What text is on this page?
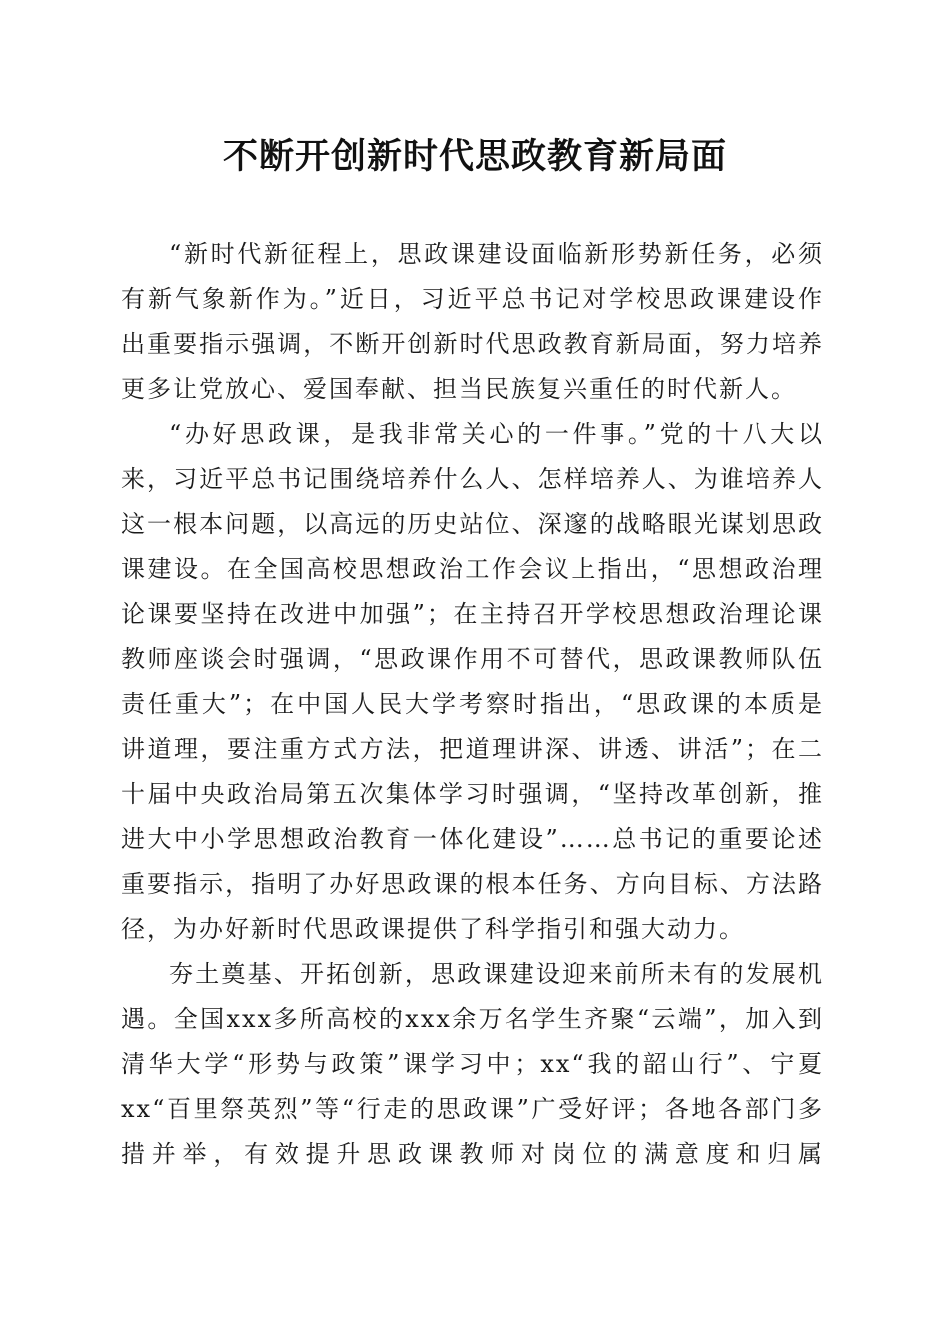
不断开创新时代思政教育新局面

“新时代新征程上，思政课建设面临新形势新任务，必须有新气象新作为。”近日，习近平总书记对学校思政课建设作出重要指示强调，不断开创新时代思政教育新局面，努力培养更多让党放心、爱国奉献、担当民族复兴重任的时代新人。

“办好思政课，是我非常关心的一件事。”党的十八大以来，习近平总书记围绕培养什么人、怎样培养人、为谁培养人这一根本问题，以高远的历史站位、深邃的战略眼光谋划思政课建设。在全国高校思想政治工作会议上指出，“思想政治理论课要坚持在改进中加强”；在主持召开学校思想政治理论课教师座谈会时强调，“思政课作用不可替代，思政课教师队伍责任重大”；在中国人民大学考察时指出，“思政课的本质是讲道理，要注重方式方法，把道理讲深、讲透、讲活”；在二十届中央政治局第五次集体学习时强调，“坚持改革创新，推进大中小学思想政治教育一体化建设”……总书记的重要论述重要指示，指明了办好思政课的根本任务、方向目标、方法路径，为办好新时代思政课提供了科学指引和强大动力。

夯土奠基、开拓创新，思政课建设迎来前所未有的发展机遇。全国xxx多所高校的xxx余万名学生齐聚“云端”，加入到清华大学“形势与政策”课学习中；xx“我的韶山行”、宁夏xx“百里祭英烈”等“行走的思政课”广受好评；各地各部门多措并举，有效提升思政课教师对岗位的满意度和归属
